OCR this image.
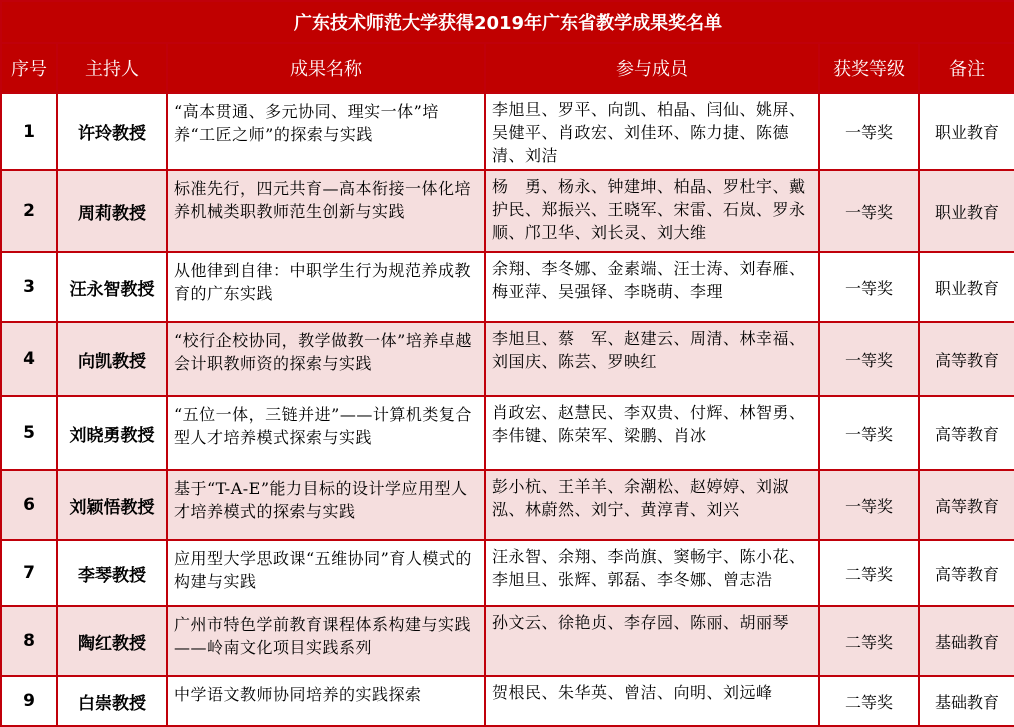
广东技术师范大学获得2019年广东省教学成果奖名单					
序号	主持人	成果名称	参与成员	获奖等级	备注
1	许玲教授	“高本贯通、多元协同、理实一体”培养“工匠之师”的探索与实践	李旭旦、罗平、向凯、柏晶、闫仙、姚屏、吴健平、肖政宏、刘佳环、陈力捷、陈德清、刘洁	一等奖	职业教育
2	周莉教授	标准先行，四元共育—高本衔接一体化培养机械类职教师范生创新与实践	杨　勇、杨永、钟建坤、柏晶、罗杜宇、戴护民、郑振兴、王晓军、宋雷、石岚、罗永顺、邝卫华、刘长灵、刘大维	一等奖	职业教育
3	汪永智教授	从他律到自律：中职学生行为规范养成教育的广东实践	余翔、李冬娜、金素端、汪士涛、刘春雁、梅亚萍、吴强铎、李晓萌、李理	一等奖	职业教育
4	向凯教授	“校行企校协同，教学做教一体”培养卓越会计职教师资的探索与实践	李旭旦、蔡　军、赵建云、周清、林幸福、刘国庆、陈芸、罗映红	一等奖	高等教育
5	刘晓勇教授	“五位一体，三链并进”——计算机类复合型人才培养模式探索与实践	肖政宏、赵慧民、李双贵、付辉、林智勇、李伟键、陈荣军、梁鹏、肖冰	一等奖	高等教育
6	刘颖悟教授	基于“T-A-E”能力目标的设计学应用型人才培养模式的探索与实践	彭小杭、王羊羊、余潮松、赵婷婷、刘淑泓、林蔚然、刘宁、黄淳青、刘兴	一等奖	高等教育
7	李琴教授	应用型大学思政课“五维协同”育人模式的构建与实践	汪永智、余翔、李尚旗、窦畅宇、陈小花、李旭旦、张辉、郭磊、李冬娜、曾志浩	二等奖	高等教育
8	陶红教授	广州市特色学前教育课程体系构建与实践——岭南文化项目实践系列	孙文云、徐艳贞、李存园、陈丽、胡丽琴	二等奖	基础教育
9	白崇教授	中学语文教师协同培养的实践探索	贺根民、朱华英、曾洁、向明、刘远峰	二等奖	基础教育
